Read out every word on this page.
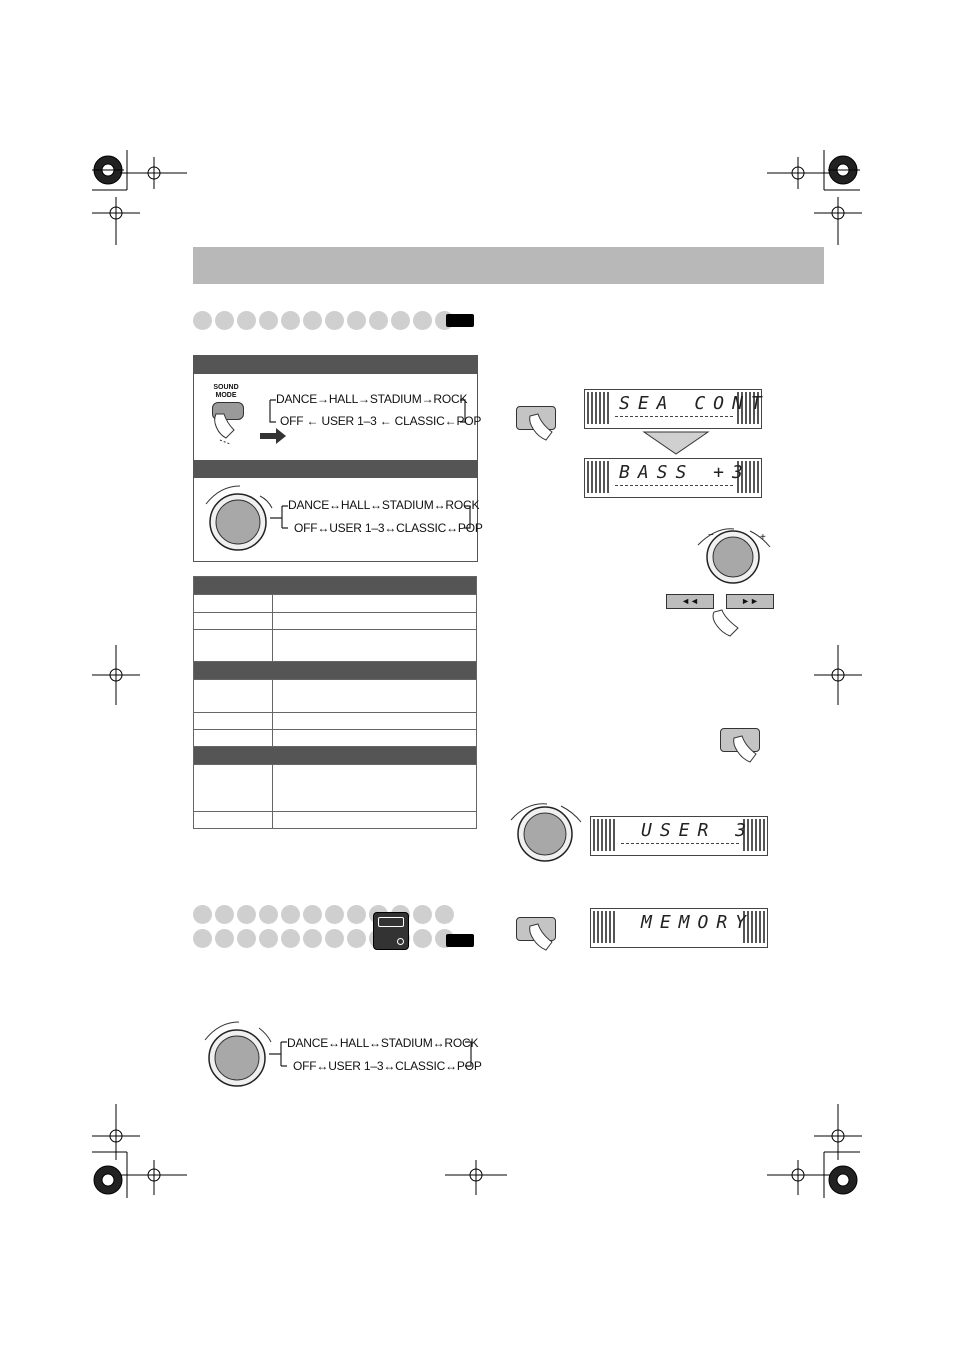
SOUND
MODE	DANCE→HALL→STADIUM→ROCK
OFF ← USER 1–3 ← CLASSIC←POP
DANCE↔HALL↔STADIUM↔ROCK
OFF↔USER 1–3↔CLASSIC↔POP

DANCE↔HALL↔STADIUM↔ROCK
OFF↔USER 1–3↔CLASSIC↔POP
SEA CONT
BASS +3
−	+
◄◄	►►
USER 3
MEMORY
